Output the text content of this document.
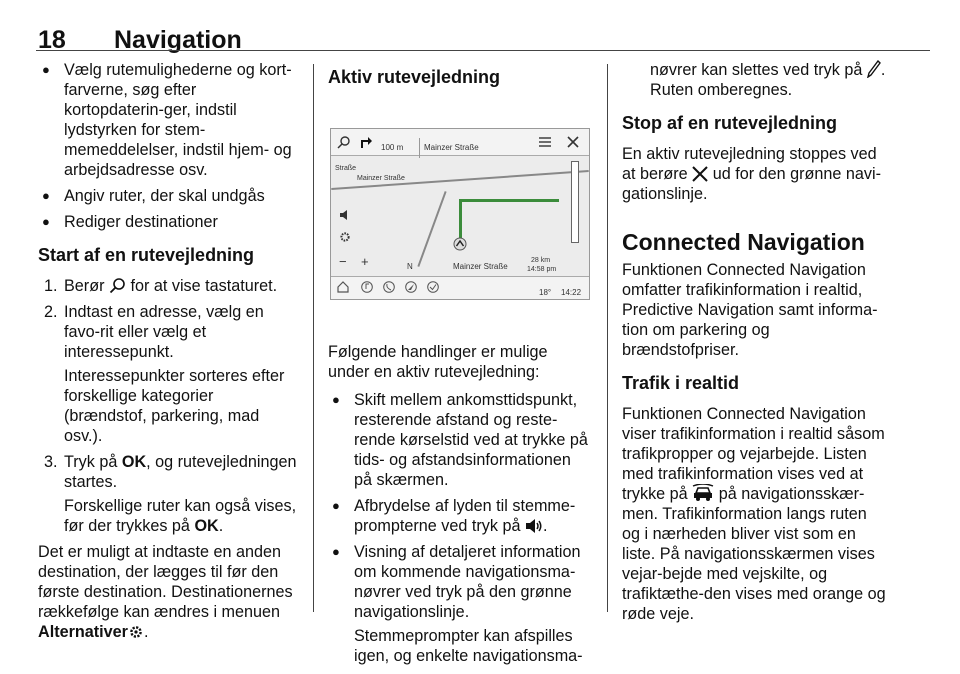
18 Navigation
● Vælg rutemulighederne og kort-farverne, søg efter kortopdaterin-ger, indstil lydstyrken for stem-memeddelelser, indstil hjem- og arbejdsadresse osv.
● Angiv ruter, der skal undgås
● Rediger destinationer
Start af en rutevejledning
1. Berør for at vise tastaturet.
2. Indtast en adresse, vælg en favo-rit eller vælg et interessepunkt.

Interessepunkter sorteres efter forskellige kategorier (brændstof, parkering, mad osv.).

3. Tryk på OK, og rutevejledningen startes.

Forskellige ruter kan også vises, før der trykkes på OK.

Det er muligt at indtaste en anden destination, der lægges til før den første destination. Destinationernes rækkefølge kan ændres i menuen Alternativer .

Aktiv rutevejledning
100 m	Mainzer Straße
Straße
Mainzer Straße
− +	N	Mainzer Straße
28 km
14:58 pm
18° 14:22

Følgende handlinger er mulige under en aktiv rutevejledning:

● Skift mellem ankomsttidspunkt, resterende afstand og reste-rende kørselstid ved at trykke på tids- og afstandsinformationen på skærmen.
● Afbrydelse af lyden til stemme-prompterne ved tryk på .
● Visning af detaljeret information om kommende navigationsma-nøvrer ved tryk på den grønne navigationslinje.

Stemmeprompter kan afspilles igen, og enkelte navigationsma-

nøvrer kan slettes ved tryk på . Ruten omberegnes.

Stop af en rutevejledning

En aktiv rutevejledning stoppes ved at berøre ud for den grønne navi-gationslinje.

Connected Navigation

Funktionen Connected Navigation omfatter trafikinformation i realtid, Predictive Navigation samt informa-tion om parkering og brændstofpriser.

Trafik i realtid

Funktionen Connected Navigation viser trafikinformation i realtid såsom trafikpropper og vejarbejde. Listen med trafikinformation vises ved at trykke på på navigationsskær-men. Trafikinformation langs ruten og i nærheden bliver vist som en liste. På navigationsskærmen vises vejar-bejde med vejskilte, og trafiktæthe-den vises med orange og røde veje.
